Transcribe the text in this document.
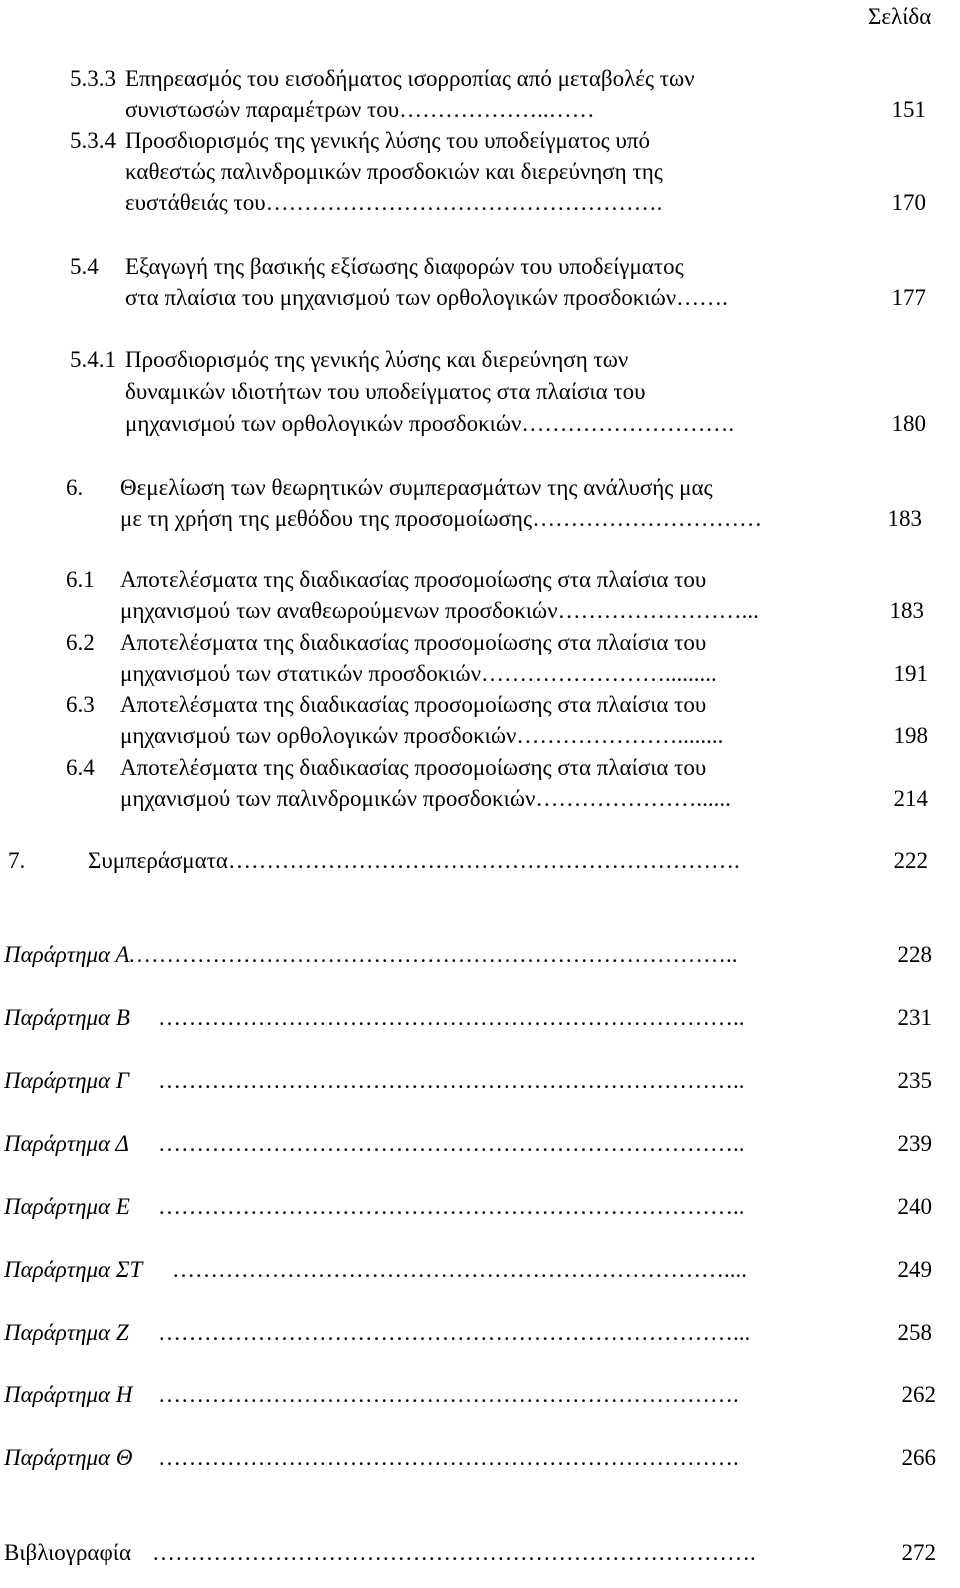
Σελίδα
5.3.3 Επηρεασμός του εισοδήματος ισορροπίας από μεταβολές των
συνιστωσών παραμέτρων του………………..……	151
5.3.4 Προσδιορισμός της γενικής λύσης του υποδείγματος υπό
καθεστώς παλινδρομικών προσδοκιών και διερεύνηση της
ευστάθειάς του…………………………………………….	170
5.4 Εξαγωγή της βασικής εξίσωσης διαφορών του υποδείγματος
στα πλαίσια του μηχανισμού των ορθολογικών προσδοκιών…….	177
5.4.1 Προσδιορισμός της γενικής λύσης και διερεύνηση των
δυναμικών ιδιοτήτων του υποδείγματος στα πλαίσια του
μηχανισμού των ορθολογικών προσδοκιών……………………….	180
6. Θεμελίωση των θεωρητικών συμπερασμάτων της ανάλυσής μας
με τη χρήση της μεθόδου της προσομοίωσης…………………………	183
6.1 Αποτελέσματα της διαδικασίας προσομοίωσης στα πλαίσια του
μηχανισμού των αναθεωρούμενων προσδοκιών……………………...	183
6.2 Αποτελέσματα της διαδικασίας προσομοίωσης στα πλαίσια του
μηχανισμού των στατικών προσδοκιών…………………….........	191
6.3 Αποτελέσματα της διαδικασίας προσομοίωσης στα πλαίσια του
μηχανισμού των ορθολογικών προσδοκιών…………………........	198
6.4 Αποτελέσματα της διαδικασίας προσομοίωσης στα πλαίσια του
μηχανισμού των παλινδρομικών προσδοκιών…………………......	214
7.	Συμπεράσματα………………………………………………………….	222
Παράρτημα Α
……………………………………………………………………..	228
Παράρτημα Β …………………………………………………………………..	231
Παράρτημα Γ …………………………………………………………………..	235
Παράρτημα Δ …………………………………………………………………..	239
Παράρτημα Ε …………………………………………………………………..	240
Παράρτημα ΣΤ ………………………………………………………………....	249
Παράρτημα Ζ …………………………………………………………………...	258
Παράρτημα Η ………………………………………………………………….	262
Παράρτημα Θ ………………………………………………………………….	266
Βιβλιογραφία …………………………………………………………………….	272
